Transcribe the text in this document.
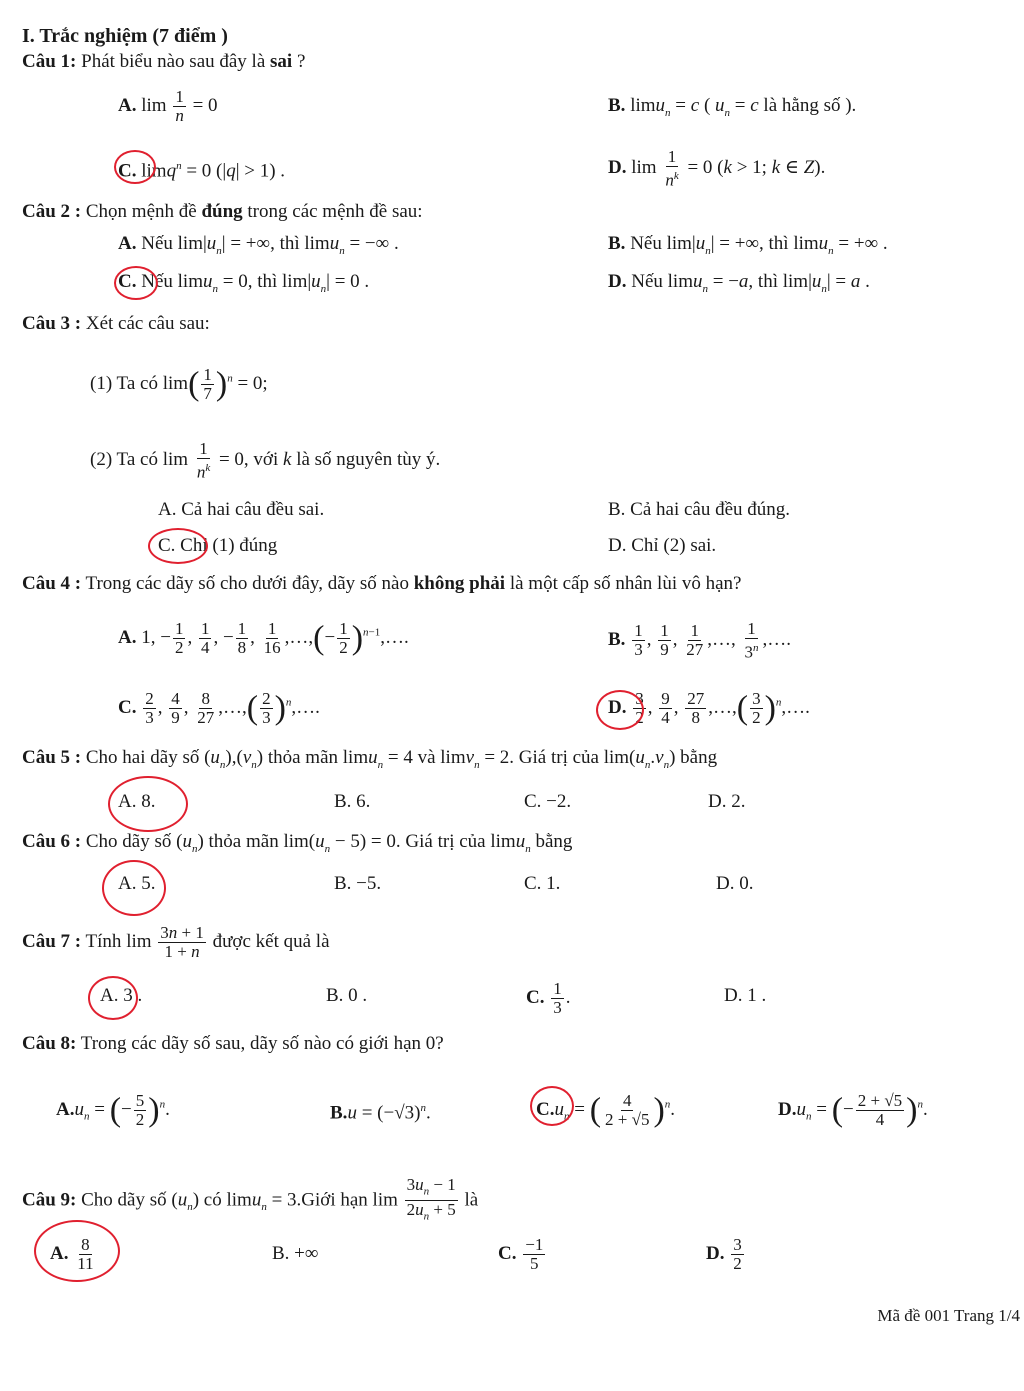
I. Trắc nghiệm (7 điểm )
Câu 1: Phát biểu nào sau đây là sai ?
A. $\lim \frac{1}{n} = 0$	B. limu$_n$ = c ( $u_n = c$ là hằng số ).
C. limq$^n$ = 0 (|q| > 1) .	D. $\lim \frac{1}{n^k} = 0$ (k > 1; k ∈ Z).
Câu 2 : Chọn mệnh đề đúng trong các mệnh đề sau:
A. Nếu $\lim|u_n|$ = +∞, thì limu$_n$ = −∞ .	B. Nếu $\lim|u_n|$ = +∞, thì limu$_n$ = +∞ .
C. Nếu limu$_n$ = 0, thì $\lim|u_n| = 0$ .	D. Nếu limu$_n$ = −a, thì $\lim|u_n| = a$ .
Câu 3 : Xét các câu sau:
(1) Ta có $\lim( \frac{1}{7} )^n = 0$;
(2) Ta có $\lim \frac{1}{n^k} = 0$, với k là số nguyên tùy ý.
A. Cả hai câu đều sai.	B. Cả hai câu đều đúng.
C. Chỉ (1) đúng	D. Chỉ (2) sai.
Câu 4 : Trong các dãy số cho dưới đây, dãy số nào không phải là một cấp số nhân lùi vô hạn?
A. 1, − $\frac{1}{2}$ , $\frac{1}{4}$ , − $\frac{1}{8}$ , $\frac{1}{16}$ ,…,(− $\frac{1}{2}$ )$^{n-1}$,….	B. $\frac{1}{3}$ , $\frac{1}{9}$ , $\frac{1}{27}$ ,…, $\frac{1}{3^n}$ ,….
C. $\frac{2}{3}$ , $\frac{4}{9}$ , $\frac{8}{27}$ ,…,( $\frac{2}{3}$ )$^n$,….	D. $\frac{3}{2}$ , $\frac{9}{4}$ , $\frac{27}{8}$ ,…,( $\frac{3}{2}$ )$^n$,….
Câu 5 : Cho hai dãy số $(u_n),(v_n)$ thỏa mãn limu$_n$ = 4 và limv$_n$ = 2. Giá trị của $\lim(u_n.v_n)$ bằng
A. 8.	B. 6.	C. −2.	D. 2.
Câu 6 : Cho dãy số $(u_n)$ thỏa mãn $\lim(u_n - 5) = 0$. Giá trị của limu$_n$ bằng
A. 5.	B. −5.	C. 1.	D. 0.
Câu 7 : Tính $\lim \frac{3n + 1}{1 + n}$ được kết quả là
A. 3 .	B. 0 .	C. $\frac{1}{3}$ .	D. 1 .
Câu 8: Trong các dãy số sau, dãy số nào có giới hạn 0?
$A.u_n$ = (− $\frac{5}{2} )^n$.	$B.u = (-√3)^n$.	$C.u_n$ = ( $\frac{4}{2 + √5} )^n$.	$D.u_n$ = (− $\frac{2 + √5}{4} )^n$.
Câu 9: Cho dãy số $(u_n)$ có limu$_n$ = 3.Giới hạn $\lim \frac{3u_n - 1}{2u_n + 5}$ là
A. $\frac{8}{11}$	B. +∞	C. $\frac{-1}{5}$	D. $\frac{3}{2}$
Mã đề 001 Trang 1/4
